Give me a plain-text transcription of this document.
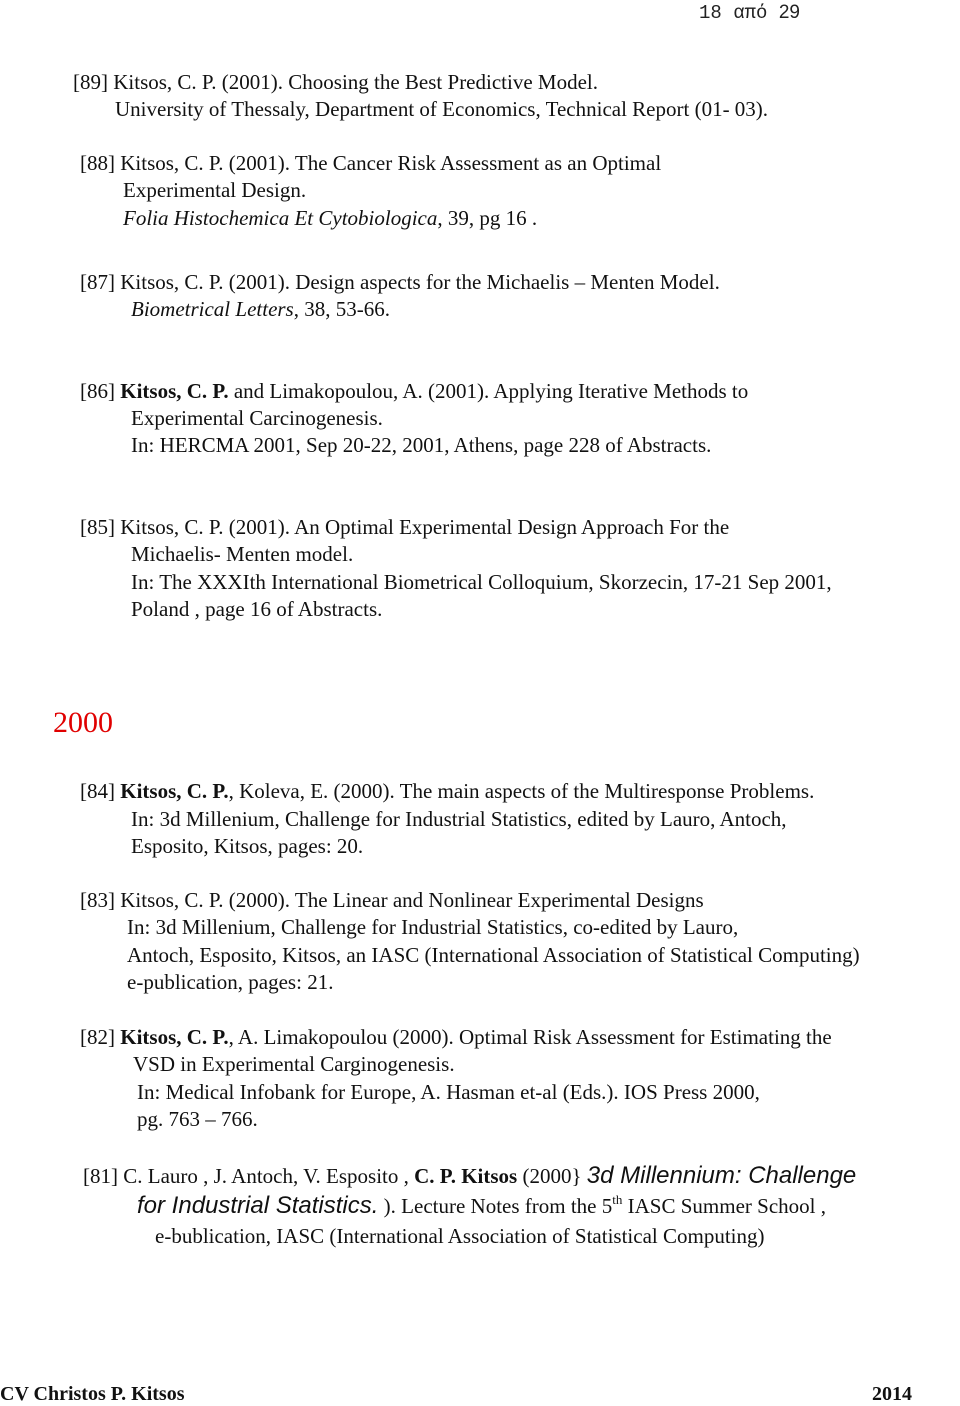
18 από 29
[89] Kitsos, C. P. (2001). Choosing the Best Predictive Model.
University of Thessaly, Department of Economics, Technical Report (01- 03).
[88] Kitsos, C. P. (2001). The Cancer Risk Assessment as an Optimal
Experimental Design.
Folia Histochemica Et Cytobiologica, 39, pg 16 .
[87] Kitsos, C. P. (2001). Design aspects for the Michaelis – Menten Model.
Biometrical Letters, 38, 53-66.
[86] Kitsos, C. P. and Limakopoulou, A. (2001). Applying Iterative Methods to
Experimental Carcinogenesis.
In: HERCMA 2001, Sep 20-22, 2001, Athens, page 228 of Abstracts.
[85] Kitsos, C. P. (2001). An Optimal Experimental Design Approach For the
Michaelis- Menten model.
In: The XXXIth International Biometrical Colloquium, Skorzecin, 17-21 Sep 2001,
Poland , page 16 of Abstracts.
2000
[84] Kitsos, C. P., Koleva, E. (2000). The main aspects of the Multiresponse Problems.
In: 3d Millenium, Challenge for Industrial Statistics, edited by Lauro, Antoch,
Esposito, Kitsos, pages: 20.
[83] Kitsos, C. P. (2000). The Linear and Nonlinear Experimental Designs
In: 3d Millenium, Challenge for Industrial Statistics, co-edited by Lauro,
Antoch, Esposito, Kitsos, an IASC (International Association of Statistical Computing)
e-publication, pages: 21.
[82] Kitsos, C. P., A. Limakopoulou (2000). Optimal Risk Assessment for Estimating the
VSD in Experimental Carginogenesis.
In: Medical Infobank for Europe, A. Hasman et-al (Eds.). IOS Press 2000,
pg. 763 – 766.
[81] C. Lauro , J. Antoch, V. Esposito , C. P. Kitsos (2000} 3d Millennium: Challenge
for Industrial Statistics. ). Lecture Notes from the 5th IASC Summer School ,
e-bublication, IASC (International Association of Statistical Computing)
CV Christos P. Kitsos	2014
